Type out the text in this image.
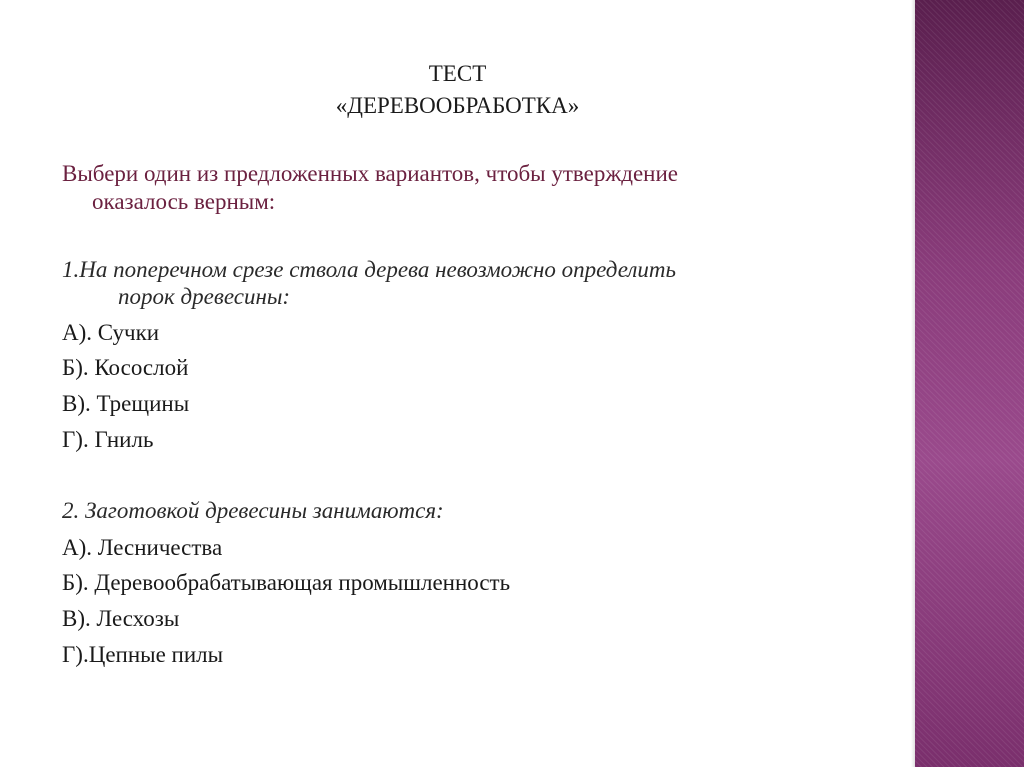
ТЕСТ
«ДЕРЕВООБРАБОТКА»
Выбери один из предложенных вариантов, чтобы утверждение
оказалось верным:
1.На поперечном срезе ствола дерева невозможно определить
порок древесины:
А). Сучки
Б). Косослой
В). Трещины
Г). Гниль
2. Заготовкой древесины занимаются:
А). Лесничества
Б). Деревообрабатывающая промышленность
В). Лесхозы
Г).Цепные пилы
